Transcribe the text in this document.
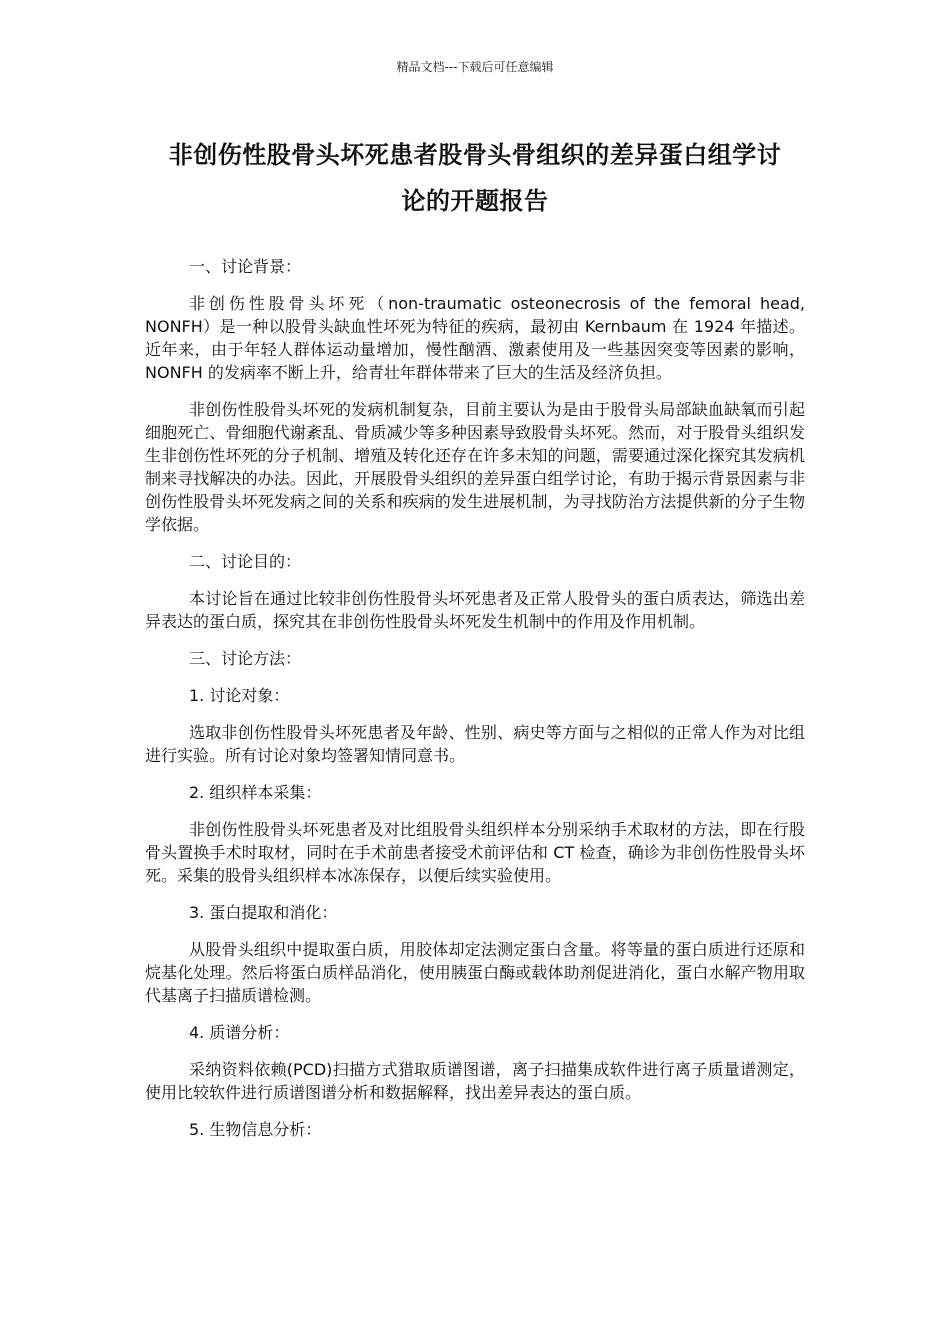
精品文档---下载后可任意编辑
非创伤性股骨头坏死患者股骨头骨组织的差异蛋白组学讨
论的开题报告

一、讨论背景：

非创伤性股骨头坏死（non-traumatic osteonecrosis of the femoral head, NONFH）是一种以股骨头缺血性坏死为特征的疾病，最初由 Kernbaum 在 1924 年描述。近年来，由于年轻人群体运动量增加，慢性酗酒、激素使用及一些基因突变等因素的影响，NONFH 的发病率不断上升，给青壮年群体带来了巨大的生活及经济负担。

非创伤性股骨头坏死的发病机制复杂，目前主要认为是由于股骨头局部缺血缺氧而引起细胞死亡、骨细胞代谢紊乱、骨质减少等多种因素导致股骨头坏死。然而，对于股骨头组织发生非创伤性坏死的分子机制、增殖及转化还存在许多未知的问题，需要通过深化探究其发病机制来寻找解决的办法。因此，开展股骨头组织的差异蛋白组学讨论，有助于揭示背景因素与非创伤性股骨头坏死发病之间的关系和疾病的发生进展机制，为寻找防治方法提供新的分子生物学依据。

二、讨论目的：

本讨论旨在通过比较非创伤性股骨头坏死患者及正常人股骨头的蛋白质表达，筛选出差异表达的蛋白质，探究其在非创伤性股骨头坏死发生机制中的作用及作用机制。

三、讨论方法：

1. 讨论对象：

选取非创伤性股骨头坏死患者及年龄、性别、病史等方面与之相似的正常人作为对比组进行实验。所有讨论对象均签署知情同意书。

2. 组织样本采集：

非创伤性股骨头坏死患者及对比组股骨头组织样本分别采纳手术取材的方法，即在行股骨头置换手术时取材，同时在手术前患者接受术前评估和 CT 检查，确诊为非创伤性股骨头坏死。采集的股骨头组织样本冰冻保存，以便后续实验使用。

3. 蛋白提取和消化：

从股骨头组织中提取蛋白质，用胶体却定法测定蛋白含量。将等量的蛋白质进行还原和烷基化处理。然后将蛋白质样品消化，使用胰蛋白酶或载体助剂促进消化，蛋白水解产物用取代基离子扫描质谱检测。

4. 质谱分析：

采纳资料依赖(PCD)扫描方式猎取质谱图谱，离子扫描集成软件进行离子质量谱测定，使用比较软件进行质谱图谱分析和数据解释，找出差异表达的蛋白质。

5. 生物信息分析：
